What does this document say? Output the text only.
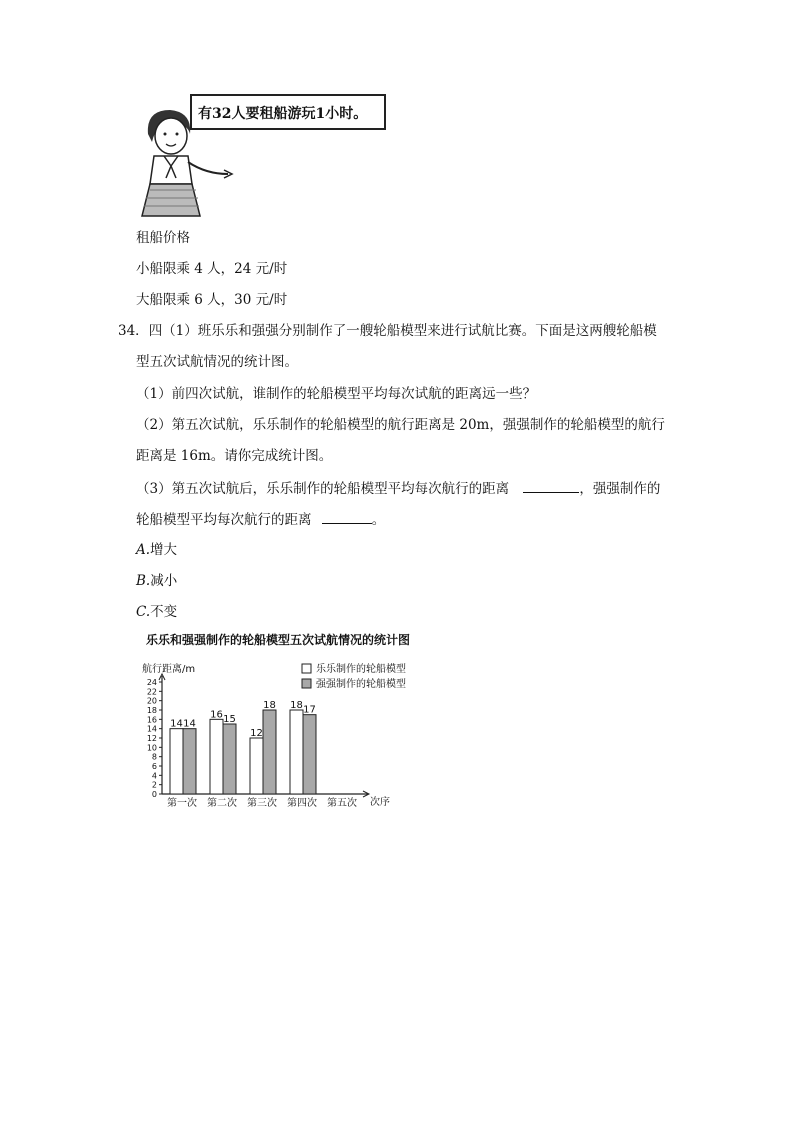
有32人要租船游玩1小时。
租船价格
小船限乘 4 人，24 元/时
大船限乘 6 人，30 元/时
34．四（1）班乐乐和强强分别制作了一艘轮船模型来进行试航比赛。下面是这两艘轮船模
型五次试航情况的统计图。
（1）前四次试航，谁制作的轮船模型平均每次试航的距离远一些？
（2）第五次试航，乐乐制作的轮船模型的航行距离是 20m，强强制作的轮船模型的航行
距离是 16m。请你完成统计图。
（3）第五次试航后，乐乐制作的轮船模型平均每次航行的距离	，强强制作的
轮船模型平均每次航行的距离	。
A.增大
B.减小
C.不变
乐乐和强强制作的轮船模型五次试航情况的统计图
航行距离/m	乐乐制作的轮船模型
强强制作的轮船模型
0
2
4
6
8
10
12
14
16
18
20
22
24
第一次 第二次 第三次 第四次 第五次
14
16
12
18
14	15
18	17
次序
